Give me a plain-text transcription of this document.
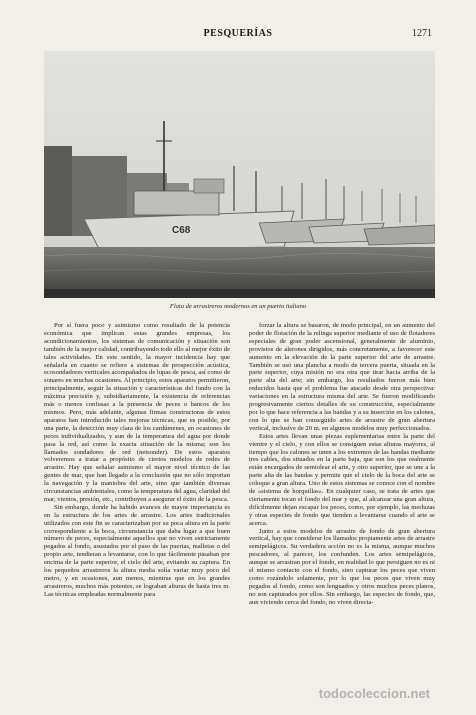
PESQUERÍAS	1271
C68
Flota de arrastreros modernos en un puerto italiano

Por sí fuera poco y asimismo como resultado de la potencia económica que implican estas grandes empresas, los acondicionamientos, los sistemas de comunicación y situación son también de la mejor calidad, contribuyendo todo ello al mejor éxito de tales actividades. En este sentido, la mayor incidencia hay que señalarla en cuanto se refiere a sistemas de prospección acústica, ecosondadores verticales acompañados de lupas de pesca, así como de sonares en muchas ocasiones. Al principio, estos aparatos permitieron, principalmente, seguir la situación y características del fondo con la máxima precisión y, subsidiariamente, la existencia de referencias más o menos confusas a la presencia de peces o bancos de los mismos. Pero, más adelante, algunas firmas constructoras de estos aparatos han introducido tales mejoras técnicas, que es posible, por una parte, la detección muy clara de los cardúmenes, en ocasiones de peces individualizados, y aun de la temperatura del agua por donde pasa la red, así como la exacta situación de la misma; son los llamados sondadores de red (netsonder). De estos aparatos volveremos a tratar a propósito de ciertos modelos de redes de arrastre. Hay que señalar asimismo el mayor nivel técnico de las gentes de mar, que han llegado a la conclusión que no sólo importan la navegación y la maniobra del arte, sino que también diversas circunstancias ambientales, como la temperatura del agua, claridad del mar, vientos, presión, etc., contribuyen a asegurar el éxito de la pesca.

Sin embargo, donde ha habido avances de mayor importancia es en la estructura de los artes de arrastre. Los artes tradicionales utilizados con este fin se caracterizaban por su poca altura en la parte correspondiente a la boca, circunstancia que daba lugar a que buen número de peces, especialmente aquellos que no viven estrictamente pegados al fondo, asustados por el paso de las puertas, malletas o del propio arte, tendieran a levantarse, con lo que fácilmente pasaban por encima de la parte superior, el cielo del arte, evitando su captura. En los pequeños arrastreros la altura media solía variar muy poco del metro, y en ocasiones, aun menos, mientras que en los grandes arrastreros, muchos más potentes, se lograban alturas de hasta tres m. Las técnicas empleadas normalmente para

forzar la altura se basaron, de modo principal, en un aumento del poder de flotación de la relinga superior mediante el uso de flotadores especiales de gran poder ascensional, generalmente de aluminio, provistos de alerones dirigidos, más concretamente, a favorecer este aumento en la elevación de la parte superior del arte de arrastre. También se usó una plancha a modo de tercera puerta, situada en la parte superior, cuya misión no era otra que tirar hacia arriba de la parte alta del arte; sin embargo, los resultados fueron más bien reducidos hasta que el problema fue atacado desde otra perspectiva: variaciones en la estructura misma del arte. Se fueron modificando progresivamente ciertos detalles de su construcción, especialmente por lo que hace referencia a las bandas y a su inserción en los calones, con lo que se han conseguido artes de arrastre de gran abertura vertical, inclusive de 20 m. en algunos modelos muy perfeccionados.

Estos artes llevan unas piezas suplementarias entre la parte del vientre y el cielo, y con ellos se consiguen estas alturas mayores, al tiempo que los calones se unen a los extremos de las bandas mediante tres cables, dos situados en la parte baja, que son los que realmente están encargados de semiolear el arte, y otro superior, que se une a la parte alta de las bandas y permite que el cielo de la boca del arte se coloque a gran altura. Uno de estos sistemas se conoce con el nombre de «sistema de horquillas». En cualquier caso, se trata de artes que ciertamente tocan el fondo del mar y que, al alcanzar una gran altura, difícilmente dejan escapar los peces, como, por ejemplo, las merluzas y otras especies de fondo que tienden a levantarse cuando el arte se acerca.

Junto a estos modelos de arrastre de fondo de gran abertura vertical, hay que considerar los llamados propiamente artes de arrastre semipelágicos. Su verdadera acción no es la misma, aunque muchos pescadores, al parecer, los confunden. Los artes semipelágicos, aunque se arrastran por el fondo, en realidad lo que persiguen no es ni el mismo contacto con el fondo, sino capturar los peces que viven como rozándolo solamente, por lo que los peces que viven muy pegados al fondo, como son lenguados y otros muchos peces planos, no son capturados por ellos. Sin embargo, las especies de fondo, que, aun viviendo cerca del fondo, no viven directa-

todocoleccion.net
